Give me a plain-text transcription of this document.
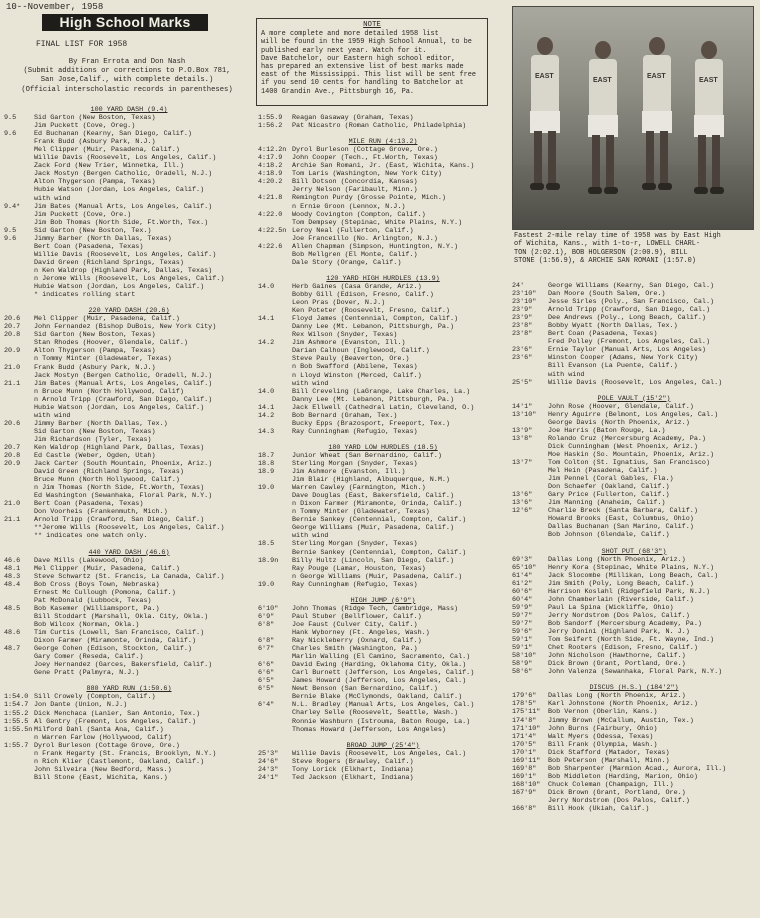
10--November, 1958
High School Marks
FINAL LIST FOR 1958
By Fran Errota and Don Nash
(Submit additions or corrections to P.O.Box 781,
San Jose,Calif., with complete details.)
(Official interscholastic records in parentheses)
NOTE
A more complete and more detailed 1958 list
will be found in the 1959 High School Annual, to be
published early next year. Watch for it.
Dave Batchelor, our Eastern high school editor,
has prepared an extensive list of best marks made
east of the Mississippi. This list will be sent free
if you send 10 cents for handling to Batchelor at
1400 Grandin Ave., Pittsburgh 16, Pa.
100 YARD DASH (9.4)
9.5	Sid Garton (New Boston, Texas)
Jim Puckett (Cove, Oreg.)
9.6	Ed Buchanan (Kearny, San Diego, Calif.)
Frank Budd (Asbury Park, N.J.)
Mel Clipper (Muir, Pasadena, Calif.)
Willie Davis (Roosevelt, Los Angeles, Calif.)
Zack Ford (New Trier, Winnetka, Ill.)
Jack Mostyn (Bergen Catholic, Oradell, N.J.)
Alton Thygerson (Pampa, Texas)
Hubie Watson (Jordan, Los Angeles, Calif.)
with wind
9.4* Jim Bates (Manual Arts, Los Angeles, Calif.)
Jim Puckett (Cove, Ore.)
Jim Bob Thomas (North Side, Ft.Worth, Tex.)
9.5	Sid Garton (New Boston, Tex.)
9.6	Jimmy Barber (North Dallas, Texas)
Bert Coan (Pasadena, Texas)
Willie Davis (Roosevelt, Los Angeles, Calif.)
David Green (Richland Springs, Texas)
n Ken Waldrop (Highland Park, Dallas, Texas)
n Jerome Wills (Roosevelt, Los Angeles, Calif.)
Hubie Watson (Jordan, Los Angeles, Calif.)
* indicates rolling start
220 YARD DASH (20.6)
20.6 Mel Clipper (Muir, Pasadena, Calif.)
20.7 John Fernandez (Bishop DuBois, New York City)
20.8 Sid Garton (New Boston, Texas)
Stan Rhodes (Hoover, Glendale, Calif.)
20.9 Alton Thygerson (Pampa, Texas)
n Tommy Minter (Gladewater, Texas)
21.0 Frank Budd (Asbury Park, N.J.)
Jack Mostyn (Bergen Catholic, Oradell, N.J.)
21.1 Jim Bates (Manual Arts, Los Angeles, Calif.)
n Bruce Munn (North Hollywood, Calif)
n Arnold Tripp (Crawford, San Diego, Calif.)
Hubie Watson (Jordan, Los Angeles, Calif.)
with wind
20.6 Jimmy Barber (North Dallas, Tex.)
Sid Garton (New Boston, Texas)
Jim Richardson (Tyler, Texas)
20.7 Ken Waldrop (Highland Park, Dallas, Texas)
20.8 Ed Castle (Weber, Ogden, Utah)
20.9 Jack Carter (South Mountain, Phoenix, Ariz.)
David Green (Richland Springs, Texas)
Bruce Munn (North Hollywood, Calif.)
n Jim Thomas (North Side, Ft.Worth, Texas)
Ed Washington (Sewanhaka, Floral Park, N.Y.)
21.0 Bert Coan (Pasadena, Texas)
Don Voorheis (Frankenmuth, Mich.)
21.1 Arnold Tripp (Crawford, San Diego, Calif.)
**Jerome Wills (Roosevelt, Los Angeles, Calif.)
** indicates one watch only.
440 YARD DASH (46.6)
46.6 Dave Mills (Lakewood, Ohio)
48.1 Mel Clipper (Muir, Pasadena, Calif.)
48.3 Steve Schwartz (St. Francis, La Canada, Calif.)
48.4 Bob Cross (Boys Town, Nebraska)
Ernest Mc Cullough (Pomona, Calif.)
Pat McDonald (Lubbock, Texas)
48.5 Bob Kasemer (Williamsport, Pa.)
Bill Stoddart (Marshall, Okla. City, Okla.)
Bob Wilcox (Norman, Okla.)
48.6 Tim Curtis (Lowell, San Francisco, Calif.)
Dixon Farmer (Miramonte, Orinda, Calif.)
48.7 George Cohen (Edison, Stockton, Calif.)
Gary Comer (Reseda, Calif.)
Joey Hernandez (Garces, Bakersfield, Calif.)
Gene Pratt (Palmyra, N.J.)
880 YARD RUN (1:50.6)
1:54.0 Sill Crowely (Compton, Calif.)
1:54.7 Jon Dante (Union, N.J.)
1:55.2 Dick Menchaca (Lanier, San Antonio, Tex.)
1:55.5 Al Gentry (Fremont, Los Angeles, Calif.)
1:55.5n Milford Dahl (Santa Ana, Calif.)
n Warren Farlow (Hollywood, Calif)
1:55.7 Dyrol Burleson (Cottage Grove, Ore.)
n Frank Hegarty (St. Francis, Brooklyn, N.Y.)
n Rich Klier (Castlemont, Oakland, Calif.)
John Silveira (New Bedford, Mass.)
Bill Stone (East, Wichita, Kans.)
1:55.9 Reagan Gasaway (Graham, Texas)
1:56.2 Pat Nicastro (Roman Catholic, Philadelphia)
MILE RUN (4:13.2)
4:12.2n Dyrol Burleson (Cottage Grove, Ore.)
4:17.9 John Cooper (Tech., Ft.Worth, Texas)
4:18.2 Archie San Romani, Jr. (East, Wichita, Kans.)
4:18.9 Tom Laris (Washington, New York City)
4:20.2 Bill Dotson (Concordia, Kansas)
Jerry Nelson (Faribault, Minn.)
4:21.8 Remington Purdy (Grosse Pointe, Mich.)
n Ernie Groon (Lennox, N.J.)
4:22.0 Woody Covington (Compton, Calif.)
Tom Dempsey (Stepinac, White Plains, N.Y.)
4:22.5n Leroy Neal (Fullerton, Calif.)
Joe Franceillo (No. Arlington, N.J.)
4:22.6 Allen Chapman (Simpson, Huntington, N.Y.)
Bob Mellgren (El Monte, Calif.)
Dale Story (Orange, Calif.)
120 YARD HIGH HURDLES (13.9)
14.0	Herb Gaines (Casa Grande, Ariz.)
Bobby Gill (Edison, Fresno, Calif.)
Leon Pras (Dover, N.J.)
Ken Poteter (Roosevelt, Fresno, Calif.)
14.1	Floyd James (Centennial, Compton, Calif.)
Danny Lee (Mt. Lebanon, Pittsburgh, Pa.)
Rex Wilson (Snyder, Texas)
14.2	Jim Ashmore (Evanston, Ill.)
Darian Calhoun (Inglewood, Calif.)
Steve Pauly (Beaverton, Ore.)
n Bob Swafford (Abilene, Texas)
n Lloyd Winston (Merced, Calif.)
with wind
14.0	Bill Creveling (LaGrange, Lake Charles, La.)
Danny Lee (Mt. Lebanon, Pittsburgh, Pa.)
14.1	Jack Ellwell (Cathedral Latin, Cleveland, O.)
14.2	Bob Bernard (Graham, Tex.)
Bucky Epps (Brazosport, Freeport, Tex.)
14.3	Ray Cunningham (Refugio, Texas)
180 YARD LOW HURDLES (18.5)
18.7	Junior Wheat (San Bernardino, Calif.)
18.8	Sterling Morgan (Snyder, Texas)
18.9	Jim Ashmore (Evanston, Ill.)
Jim Blair (Highland, Albuquerque, N.M.)
19.0	Warren Cawley (Farmington, Mich.)
Dave Douglas (East, Bakersfield, Calif.)
n Dixon Farmer (Miramonte, Orinda, Calif.)
n Tommy Minter (Gladewater, Texas)
Bernie Sankey (Centennial, Compton, Calif.)
George Williams (Muir, Pasadena, Calif.)
with wind
18.5	Sterling Morgan (Snyder, Texas)
Bernie Sankey (Centennial, Compton, Calif.)
18.9n Billy Hultz (Lincoln, San Diego, Calif.)
Ray Pouge (Lamar, Houston, Texas)
n George Williams (Muir, Pasadena, Calif.)
19.0	Ray Cunningham (Refugio, Texas)
HIGH JUMP (6'9")
6'10" John Thomas (Ridge Tech, Cambridge, Mass)
6'9"	Paul Stuber (Bellflower, Calif.)
6'8"	Joe Faust (Culver City, Calif.)
Hank Wyborney (Ft. Angeles, Wash.)
6'8"	Ray Nickleberry (Oxnard, Calif.)
6'7"	Charles Smith (Washington, Pa.)
Marlin Walling (El Camino, Sacramento, Cal.)
6'6"	David Ewing (Harding, Oklahoma City, Okla.)
6'6"	Carl Burnett (Jefferson, Los Angeles, Calif.)
6'5"	James Howard (Jefferson, Los Angeles, Cal.)
6'5"	Newt Benson (San Bernardino, Calif.)
Bernie Blake (McClymonds, Oakland, Calif.)
6'4"	N.L. Bradley (Manual Arts, Los Angeles, Cal.)
Charley Selle (Roosevelt, Seattle, Wash.)
Ronnie Washburn (Istrouma, Baton Rouge, La.)
Thomas Howard (Jefferson, Los Angeles)
BROAD JUMP (25'4")
25'3" Willie Davis (Roosevelt, Los Angeles, Cal.)
24'6" Steve Rogers (Brawley, Calif.)
24'3" Tony Lorick (Elkhart, Indiana)
24'1" Ted Jackson (Elkhart, Indiana)
EAST
EAST
EAST
EAST
Fastest 2-mile relay time of 1958 was by East High
of Wichita, Kans., with 1-to-r, LOWELL CHARL-
TON (2:02.1), BOB HOLGERSON (2:00.9), BILL
STONE (1:56.9), & ARCHIE SAN ROMANI (1:57.0)
24'	George Williams (Kearny, San Diego, Cal.)
23'10" Dan Moore (South Salem, Ore.)
23'10" Jesse Sirles (Poly., San Francisco, Cal.)
23'9" Arnold Tripp (Crawford, San Diego, Cal.)
23'9" Dee Andrews (Poly., Long Beach, Calif.)
23'8" Bobby Wyatt (North Dallas, Tex.)
23'8" Bert Coan (Pasadena, Texas)
Fred Polley (Fremont, Los Angeles, Cal.)
23'6" Ernie Taylor (Manual Arts, Los Angeles)
23'6" Winston Cooper (Adams, New York City)
Bill Evanson (La Puente, Calif.)
with wind
25'5" Willie Davis (Roosevelt, Los Angeles, Cal.)
POLE VAULT (15'2")
14'1" John Rose (Hoover, Glendale, Calif.)
13'10" Henry Aguirre (Belmont, Los Angeles, Cal.)
George Davis (North Phoenix, Ariz.)
13'9" Joe Harris (Baton Rouge, La.)
13'8" Rolando Cruz (Mercersburg Academy, Pa.)
Dick Cunningham (West Phoenix, Ariz.)
Moe Haskin (So. Mountain, Phoenix, Ariz.)
13'7" Tom Colton (St. Ignatius, San Francisco)
Mel Hein (Pasadena, Calif.)
Jim Pennel (Coral Gables, Fla.)
Don Schaefer (Oakland, Calif.)
13'6" Gary Price (Fullerton, Calif.)
13'6" Jim Manning (Anaheim, Calif.)
12'6" Charlie Breck (Santa Barbara, Calif.)
Howard Brooks (East, Columbus, Ohio)
Dallas Buchanan (San Marino, Calif.)
Bob Johnson (Glendale, Calif.)
SHOT PUT (68'3")
69'3" Dallas Long (North Phoenix, Ariz.)
65'10" Henry Kora (Stepinac, White Plains, N.Y.)
61'4" Jack Slocombe (Millikan, Long Beach, Cal.)
61'2" Jim Smith (Poly, Long Beach, Calif.)
60'6" Harrison Koslahl (Ridgefield Park, N.J.)
60'4" John Chamberlain (Riverside, Calif.)
59'9" Paul La Spina (Wickliffe, Ohio)
59'7" Jerry Nordstrom (Dos Palos, Calif.)
59'7" Bob Sandorf (Mercersburg Academy, Pa.)
59'6" Jerry Donini (Highland Park, N. J.)
59'1" Tom Seifert (North Side, Ft. Wayne, Ind.)
59'1" Chet Rooters (Edison, Fresno, Calif.)
58'10" John Nicholson (Hawthorne, Calif.)
58'9" Dick Brown (Grant, Portland, Ore.)
58'6" John Valenza (Sewanhaka, Floral Park, N.Y.)
DISCUS (H.S.) (184'2")
179'6" Dallas Long (North Phoenix, Ariz.)
178'5" Karl Johnstone (North Phoenix, Ariz.)
175'11" Bob Vernon (Oberlin, Kans.)
174'8" Jimmy Brown (McCallum, Austin, Tex.)
171'10" John Burns (Fairbury, Ohio)
171'4" Walt Myers (Odessa, Texas)
170'5" Bill Frank (Olympia, Wash.)
170'1" Dick Stafford (Matador, Texas)
169'11" Bob Peterson (Marshall, Minn.)
169'8" Bob Sharpenter (Marmion Acad., Aurora, Ill.)
169'1" Bob Middleton (Harding, Marion, Ohio)
168'10" Chuck Coleman (Champaign, Ill.)
167'9" Dick Brown (Grant, Portland, Ore.)
Jerry Nordstrom (Dos Palos, Calif.)
166'8" Bill Hook (Ukiah, Calif.)
